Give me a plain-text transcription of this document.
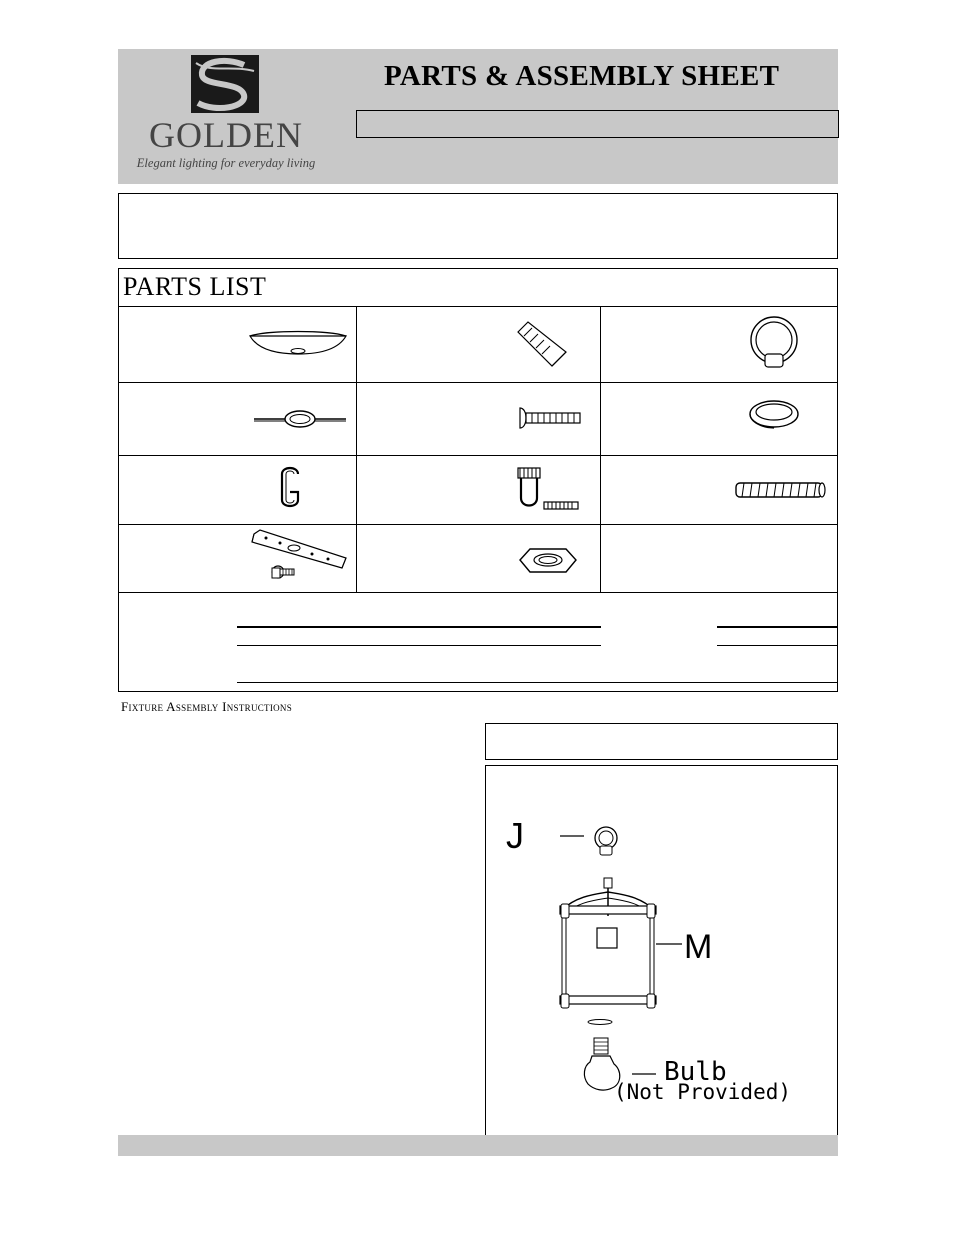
GOLDEN
Elegant lighting for everyday living
PARTS & ASSEMBLY SHEET
PARTS LIST
Fixture Assembly Instructions
J
M
Bulb
(Not Provided)
